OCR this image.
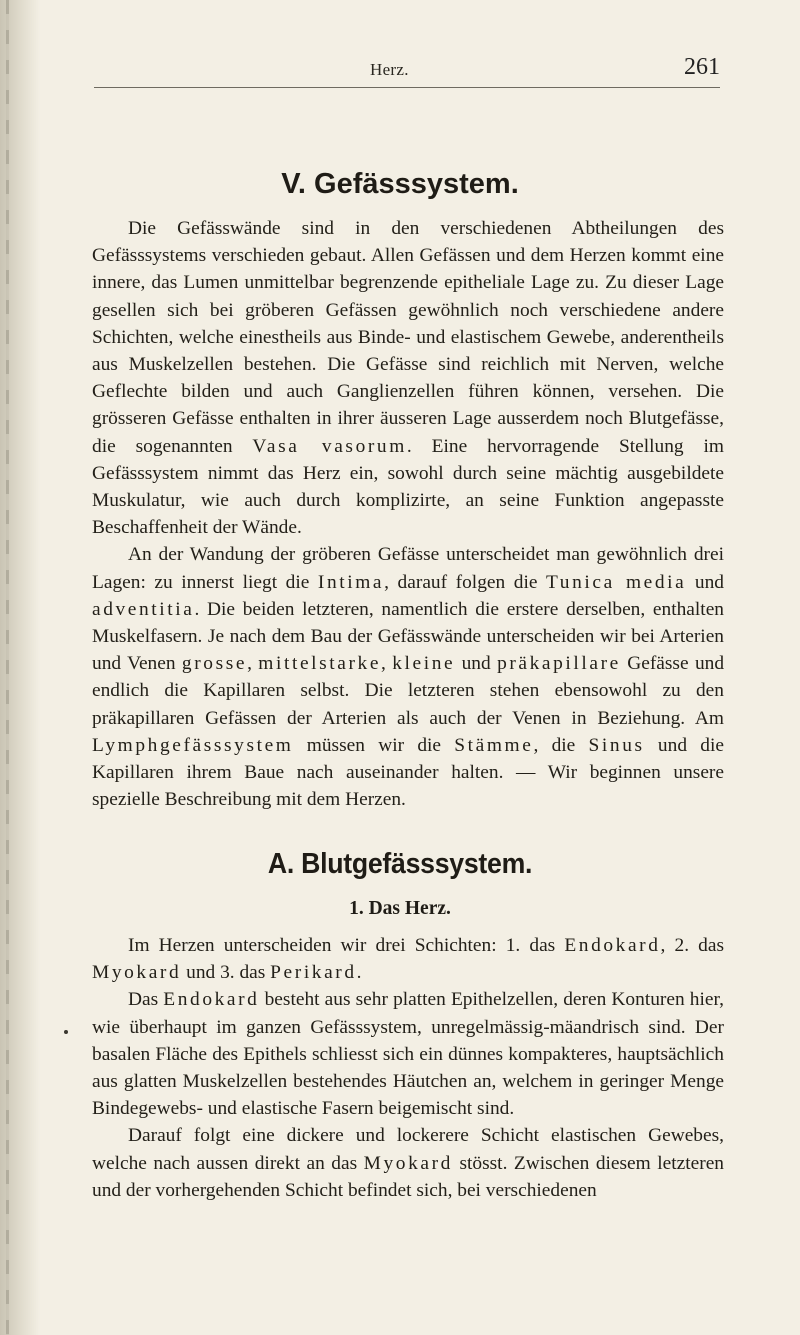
Herz.	261
V. Gefässsystem.

Die Gefässwände sind in den verschiedenen Abtheilungen des Gefässsystems verschieden gebaut. Allen Gefässen und dem Herzen kommt eine innere, das Lumen unmittelbar begrenzende epitheliale Lage zu. Zu dieser Lage gesellen sich bei gröberen Gefässen gewöhnlich noch verschiedene andere Schichten, welche einestheils aus Binde- und elastischem Gewebe, anderentheils aus Muskelzellen bestehen. Die Gefässe sind reichlich mit Nerven, welche Geflechte bilden und auch Ganglienzellen führen können, versehen. Die grösseren Gefässe enthalten in ihrer äusseren Lage ausserdem noch Blutgefässe, die sogenannten Vasa vasorum. Eine hervorragende Stellung im Gefässsystem nimmt das Herz ein, sowohl durch seine mächtig ausgebildete Muskulatur, wie auch durch komplizirte, an seine Funktion angepasste Beschaffenheit der Wände.

An der Wandung der gröberen Gefässe unterscheidet man gewöhnlich drei Lagen: zu innerst liegt die Intima, darauf folgen die Tunica media und adventitia. Die beiden letzteren, namentlich die erstere derselben, enthalten Muskelfasern. Je nach dem Bau der Gefässwände unterscheiden wir bei Arterien und Venen grosse, mittelstarke, kleine und präkapillare Gefässe und endlich die Kapillaren selbst. Die letzteren stehen ebensowohl zu den präkapillaren Gefässen der Arterien als auch der Venen in Beziehung. Am Lymphgefässsystem müssen wir die Stämme, die Sinus und die Kapillaren ihrem Baue nach auseinander halten. — Wir beginnen unsere spezielle Beschreibung mit dem Herzen.

A. Blutgefässsystem.
1. Das Herz.

Im Herzen unterscheiden wir drei Schichten: 1. das Endokard, 2. das Myokard und 3. das Perikard.

Das Endokard besteht aus sehr platten Epithelzellen, deren Konturen hier, wie überhaupt im ganzen Gefässsystem, unregelmässig-mäandrisch sind. Der basalen Fläche des Epithels schliesst sich ein dünnes kompakteres, hauptsächlich aus glatten Muskelzellen bestehendes Häutchen an, welchem in geringer Menge Bindegewebs- und elastische Fasern beigemischt sind.

Darauf folgt eine dickere und lockerere Schicht elastischen Gewebes, welche nach aussen direkt an das Myokard stösst. Zwischen diesem letzteren und der vorhergehenden Schicht befindet sich, bei verschiedenen
